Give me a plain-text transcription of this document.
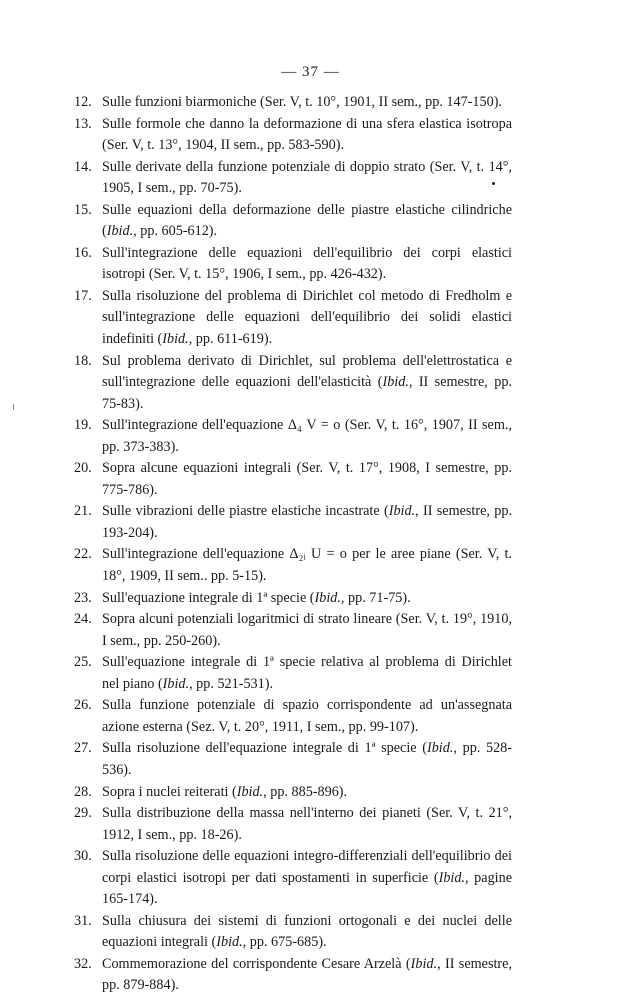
— 37 —
12. Sulle funzioni biarmoniche (Ser. V, t. 10°, 1901, II sem., pp. 147-150).
13. Sulle formole che danno la deformazione di una sfera elastica isotropa (Ser. V, t. 13°, 1904, II sem., pp. 583-590).
14. Sulle derivate della funzione potenziale di doppio strato (Ser. V, t. 14°, 1905, I sem., pp. 70-75).
15. Sulle equazioni della deformazione delle piastre elastiche cilindriche (Ibid., pp. 605-612).
16. Sull'integrazione delle equazioni dell'equilibrio dei corpi elastici isotropi (Ser. V, t. 15°, 1906, I sem., pp. 426-432).
17. Sulla risoluzione del problema di Dirichlet col metodo di Fredholm e sull'integrazione delle equazioni dell'equilibrio dei solidi elastici indefiniti (Ibid., pp. 611-619).
18. Sul problema derivato di Dirichlet, sul problema dell'elettrostatica e sull'integrazione delle equazioni dell'elasticità (Ibid., II semestre, pp. 75-83).
19. Sull'integrazione dell'equazione Δ₄ V = o (Ser. V, t. 16°, 1907, II sem., pp. 373-383).
20. Sopra alcune equazioni integrali (Ser. V, t. 17°, 1908, I semestre, pp. 775-786).
21. Sulle vibrazioni delle piastre elastiche incastrate (Ibid., II semestre, pp. 193-204).
22. Sull'integrazione dell'equazione Δ₂ᵢ U = o per le aree piane (Ser. V, t. 18°, 1909, II sem.. pp. 5-15).
23. Sull'equazione integrale di 1ª specie (Ibid., pp. 71-75).
24. Sopra alcuni potenziali logaritmici di strato lineare (Ser. V, t. 19°, 1910, I sem., pp. 250-260).
25. Sull'equazione integrale di 1ª specie relativa al problema di Dirichlet nel piano (Ibid., pp. 521-531).
26. Sulla funzione potenziale di spazio corrispondente ad un'assegnata azione esterna (Sez. V, t. 20°, 1911, I sem., pp. 99-107).
27. Sulla risoluzione dell'equazione integrale di 1ª specie (Ibid., pp. 528-536).
28. Sopra i nuclei reiterati (Ibid., pp. 885-896).
29. Sulla distribuzione della massa nell'interno dei pianeti (Ser. V, t. 21°, 1912, I sem., pp. 18-26).
30. Sulla risoluzione delle equazioni integro-differenziali dell'equilibrio dei corpi elastici isotropi per dati spostamenti in superficie (Ibid., pagine 165-174).
31. Sulla chiusura dei sistemi di funzioni ortogonali e dei nuclei delle equazioni integrali (Ibid., pp. 675-685).
32. Commemorazione del corrispondente Cesare Arzelà (Ibid., II semestre, pp. 879-884).
